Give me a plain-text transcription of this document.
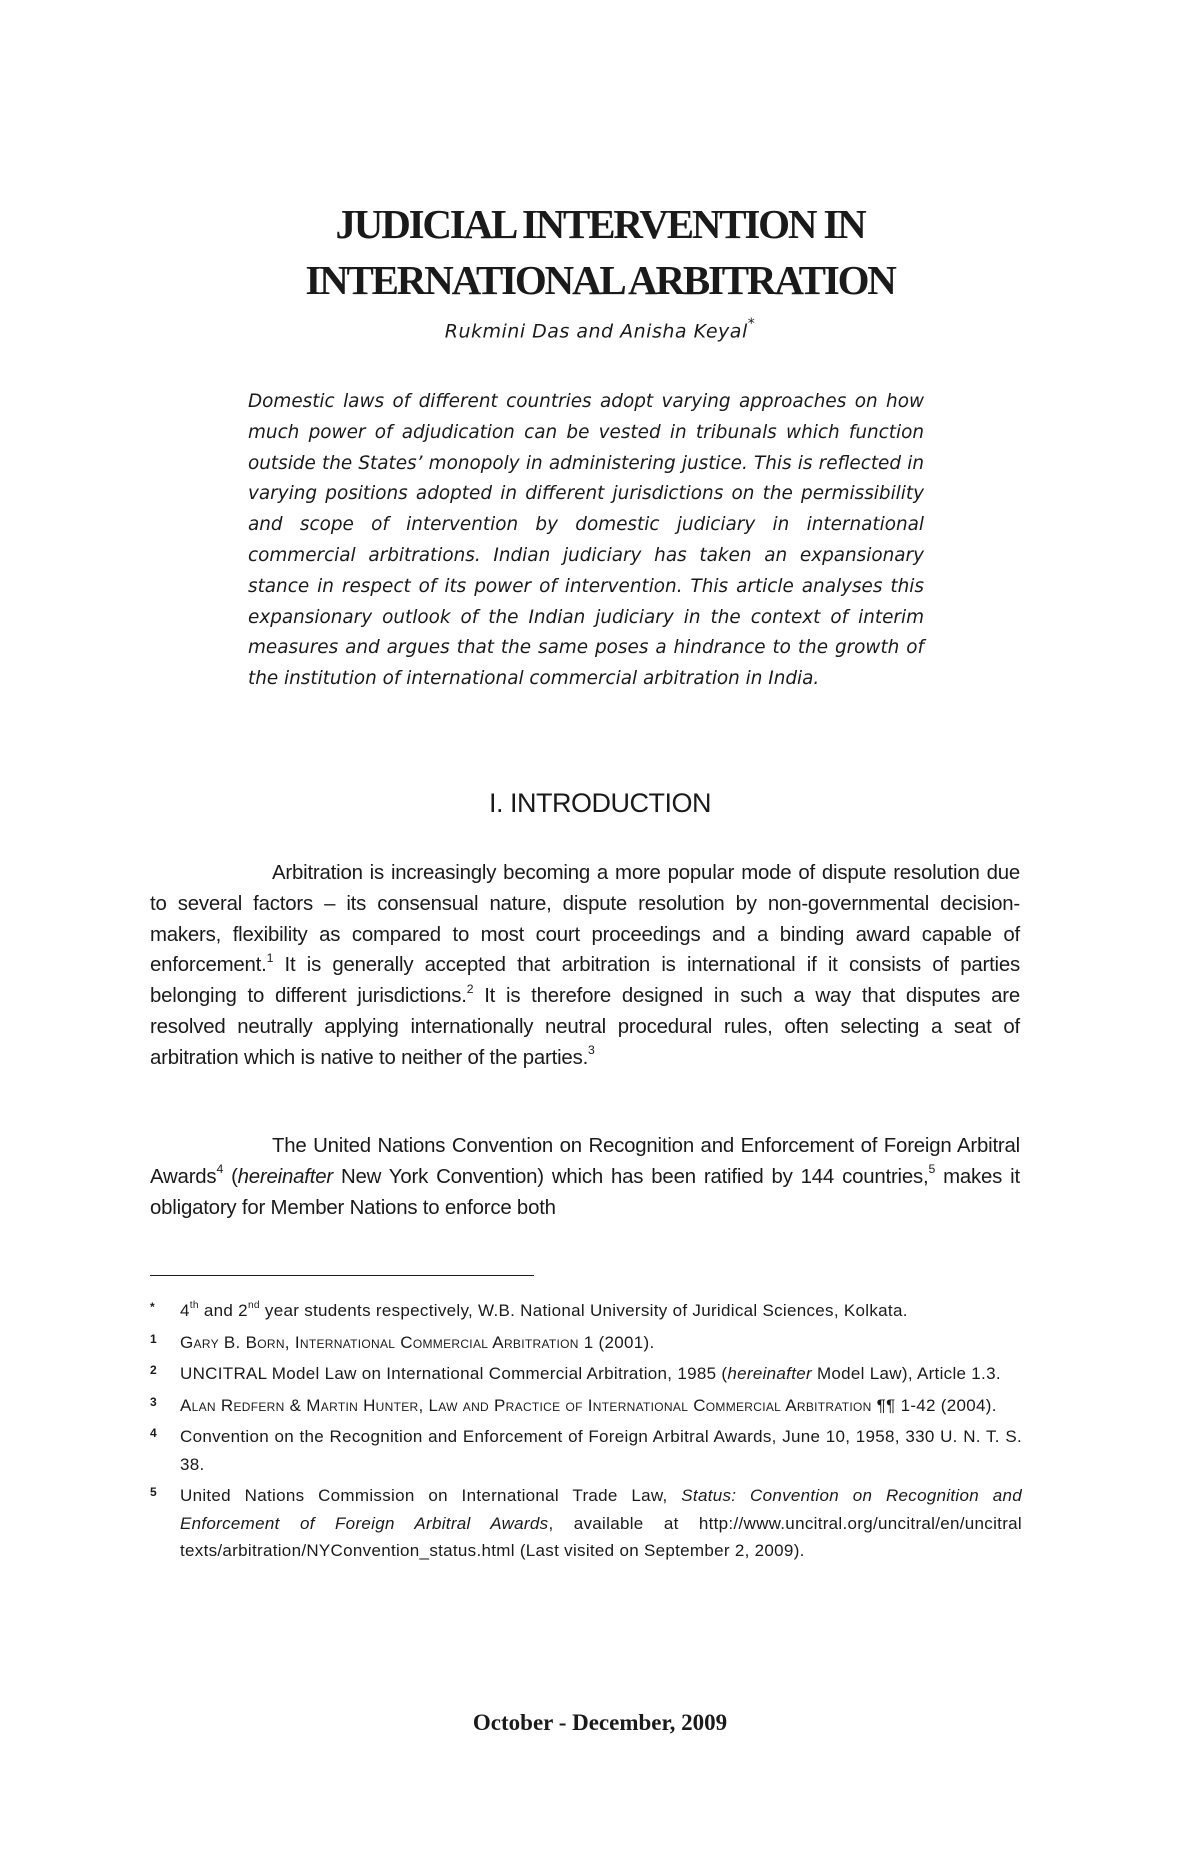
JUDICIAL INTERVENTION IN
INTERNATIONAL ARBITRATION
Rukmini Das and Anisha Keyal*

Domestic laws of different countries adopt varying approaches on how much power of adjudication can be vested in tribunals which function outside the States’ monopoly in administering justice. This is reflected in varying positions adopted in different jurisdictions on the permissibility and scope of intervention by domestic judiciary in international commercial arbitrations. Indian judiciary has taken an expansionary stance in respect of its power of intervention. This article analyses this expansionary outlook of the Indian judiciary in the context of interim measures and argues that the same poses a hindrance to the growth of the institution of international commercial arbitration in India.

I. INTRODUCTION

Arbitration is increasingly becoming a more popular mode of dispute resolution due to several factors – its consensual nature, dispute resolution by non-governmental decision-makers, flexibility as compared to most court proceedings and a binding award capable of enforcement.$^1$ It is generally accepted that arbitration is international if it consists of parties belonging to different jurisdictions.$^2$ It is therefore designed in such a way that disputes are resolved neutrally applying internationally neutral procedural rules, often selecting a seat of arbitration which is native to neither of the parties.$^3$

The United Nations Convention on Recognition and Enforcement of Foreign Arbitral Awards$^4$ (hereinafter New York Convention) which has been ratified by 144 countries,$^5$ makes it obligatory for Member Nations to enforce both

* 4th and 2nd year students respectively, W.B. National University of Juridical Sciences, Kolkata.
1 Gary B. Born, International Commercial Arbitration 1 (2001).
2 UNCITRAL Model Law on International Commercial Arbitration, 1985 (hereinafter Model Law), Article 1.3.
3 Alan Redfern & Martin Hunter, Law and Practice of International Commercial Arbitration ¶¶ 1-42 (2004).
4 Convention on the Recognition and Enforcement of Foreign Arbitral Awards, June 10, 1958, 330 U. N. T. S. 38.
5 United Nations Commission on International Trade Law, Status: Convention on Recognition and Enforcement of Foreign Arbitral Awards, available at http://www.uncitral.org/uncitral/en/uncitral texts/arbitration/NYConvention_status.html (Last visited on September 2, 2009).
October - December, 2009
